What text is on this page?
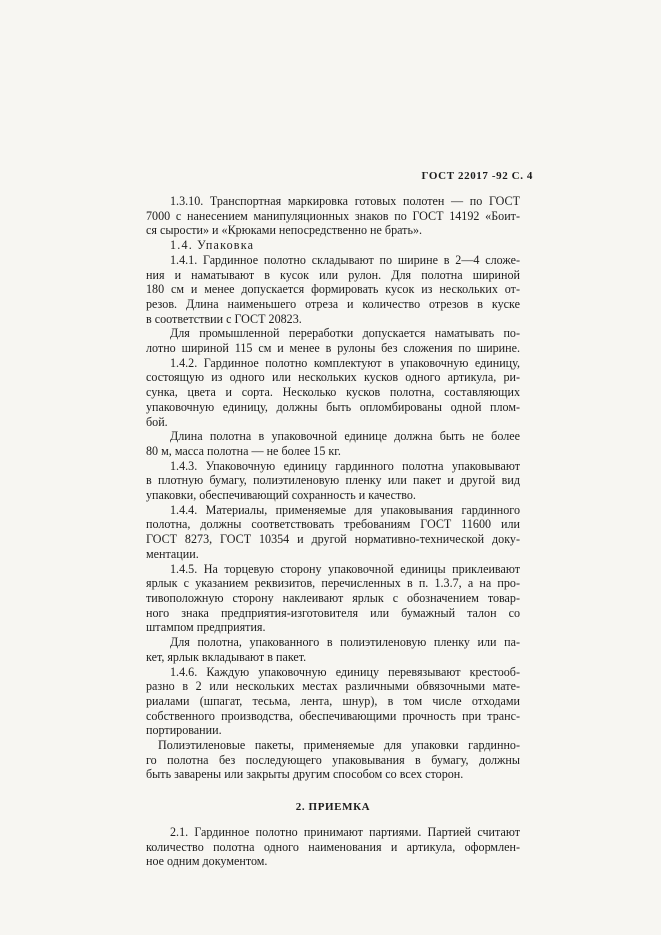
ГОСТ 22017 -92 С. 4
1.3.10. Транспортная маркировка готовых полотен — по ГОСТ
7000 с нанесением манипуляционных знаков по ГОСТ 14192 «Боит-
ся сырости» и «Крюками непосредственно не брать».
1.4. Упаковка
1.4.1. Гардинное полотно складывают по ширине в 2—4 сложе-
ния и наматывают в кусок или рулон. Для полотна шириной
180 см и менее допускается формировать кусок из нескольких от-
резов. Длина наименьшего отреза и количество отрезов в куске
в соответствии с ГОСТ 20823.
Для промышленной переработки допускается наматывать по-
лотно шириной 115 см и менее в рулоны без сложения по ширине.
1.4.2. Гардинное полотно комплектуют в упаковочную единицу,
состоящую из одного или нескольких кусков одного артикула, ри-
сунка, цвета и сорта. Несколько кусков полотна, составляющих
упаковочную единицу, должны быть опломбированы одной плом-
бой.
Длина полотна в упаковочной единице должна быть не более
80 м, масса полотна — не более 15 кг.
1.4.3. Упаковочную единицу гардинного полотна упаковывают
в плотную бумагу, полиэтиленовую пленку или пакет и другой вид
упаковки, обеспечивающий сохранность и качество.
1.4.4. Материалы, применяемые для упаковывания гардинного
полотна, должны соответствовать требованиям ГОСТ 11600 или
ГОСТ 8273, ГОСТ 10354 и другой нормативно-технической доку-
ментации.
1.4.5. На торцевую сторону упаковочной единицы приклеивают
ярлык с указанием реквизитов, перечисленных в п. 1.3.7, а на про-
тивоположную сторону наклеивают ярлык с обозначением товар-
ного знака предприятия-изготовителя или бумажный талон со
штампом предприятия.
Для полотна, упакованного в полиэтиленовую пленку или па-
кет, ярлык вкладывают в пакет.
1.4.6. Каждую упаковочную единицу перевязывают крестооб-
разно в 2 или нескольких местах различными обвязочными мате-
риалами (шпагат, тесьма, лента, шнур), в том числе отходами
собственного производства, обеспечивающими прочность при транс-
портировании.
Полиэтиленовые пакеты, применяемые для упаковки гардинно-
го полотна без последующего упаковывания в бумагу, должны
быть заварены или закрыты другим способом со всех сторон.
2. ПРИЕМКА
2.1. Гардинное полотно принимают партиями. Партией считают
количество полотна одного наименования и артикула, оформлен-
ное одним документом.
